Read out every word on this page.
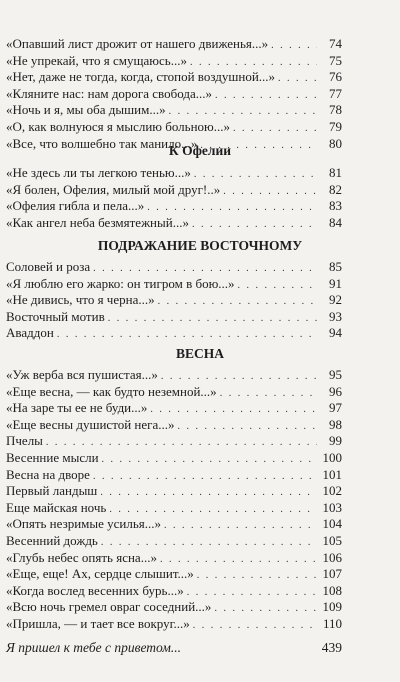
«Опавший лист дрожит от нашего движенья...» . . .	74
«Не упрекай, что я смущаюсь...» . . .	75
«Нет, даже не тогда, когда, стопой воздушной...» . . .	76
«Кляните нас: нам дорога свобода...» . . .	77
«Ночь и я, мы оба дышим...» . . .	78
«О, как волнуюся я мыслию больною...» . . .	79
«Все, что волшебно так манило...» . . .	80
К Офелии
«Не здесь ли ты легкою тенью...» . . .	81
«Я болен, Офелия, милый мой друг!..» . . .	82
«Офелия гибла и пела...» . . .	83
«Как ангел неба безмятежный...» . . .	84
ПОДРАЖАНИЕ ВОСТОЧНОМУ
Соловей и роза . . .	85
«Я люблю его жарко: он тигром в бою...» . . .	91
«Не дивись, что я черна...» . . .	92
Восточный мотив . . .	93
Аваддон . . .	94
ВЕСНА
«Уж верба вся пушистая...» . . .	95
«Еще весна, — как будто неземной...» . . .	96
«На заре ты ее не буди...» . . .	97
«Еще весны душистой нега...» . . .	98
Пчелы . . .	99
Весенние мысли . . .	100
Весна на дворе . . .	101
Первый ландыш . . .	102
Еще майская ночь . . .	103
«Опять незримые усилья...» . . .	104
Весенний дождь . . .	105
«Глубь небес опять ясна...» . . .	106
«Еще, еще! Ах, сердце слышит...» . . .	107
«Когда вослед весенних бурь...» . . .	108
«Всю ночь гремел овраг соседний...» . . .	109
«Пришла, — и тает все вокруг...» . . .	110
Я пришел к тебе с приветом...	439
